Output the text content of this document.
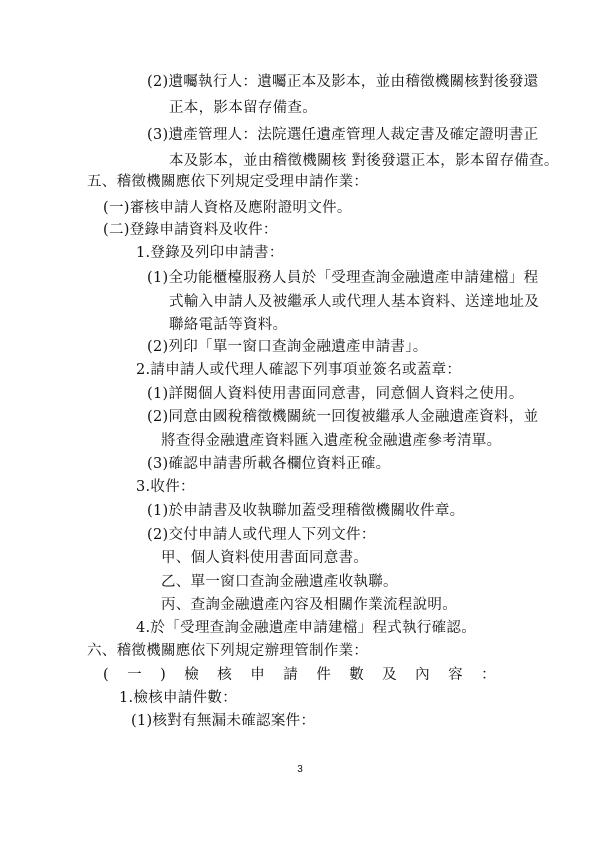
(2)遺囑執行人：遺囑正本及影本，並由稽徵機關核對後發還
正本，影本留存備查。
(3)遺產管理人：法院選任遺產管理人裁定書及確定證明書正
本及影本，並由稽徵機關核 對後發還正本，影本留存備查。
五、稽徵機關應依下列規定受理申請作業：
(一)審核申請人資格及應附證明文件。
(二)登錄申請資料及收件：
1.登錄及列印申請書：
(1)全功能櫃檯服務人員於「受理查詢金融遺產申請建檔」程
式輸入申請人及被繼承人或代理人基本資料、送達地址及
聯絡電話等資料。
(2)列印「單一窗口查詢金融遺產申請書」。
2.請申請人或代理人確認下列事項並簽名或蓋章：
(1)詳閱個人資料使用書面同意書，同意個人資料之使用。
(2)同意由國稅稽徵機關統一回復被繼承人金融遺產資料，並
將查得金融遺產資料匯入遺產稅金融遺產參考清單。
(3)確認申請書所載各欄位資料正確。
3.收件：
(1)於申請書及收執聯加蓋受理稽徵機關收件章。
(2)交付申請人或代理人下列文件：
甲、個人資料使用書面同意書。
乙、單一窗口查詢金融遺產收執聯。
丙、查詢金融遺產內容及相關作業流程說明。
4.於「受理查詢金融遺產申請建檔」程式執行確認。
六、稽徵機關應依下列規定辦理管制作業：
( 一 ) 檢 核 申 請 件 數 及 內 容 ：
1.檢核申請件數：
(1)核對有無漏未確認案件：
3
